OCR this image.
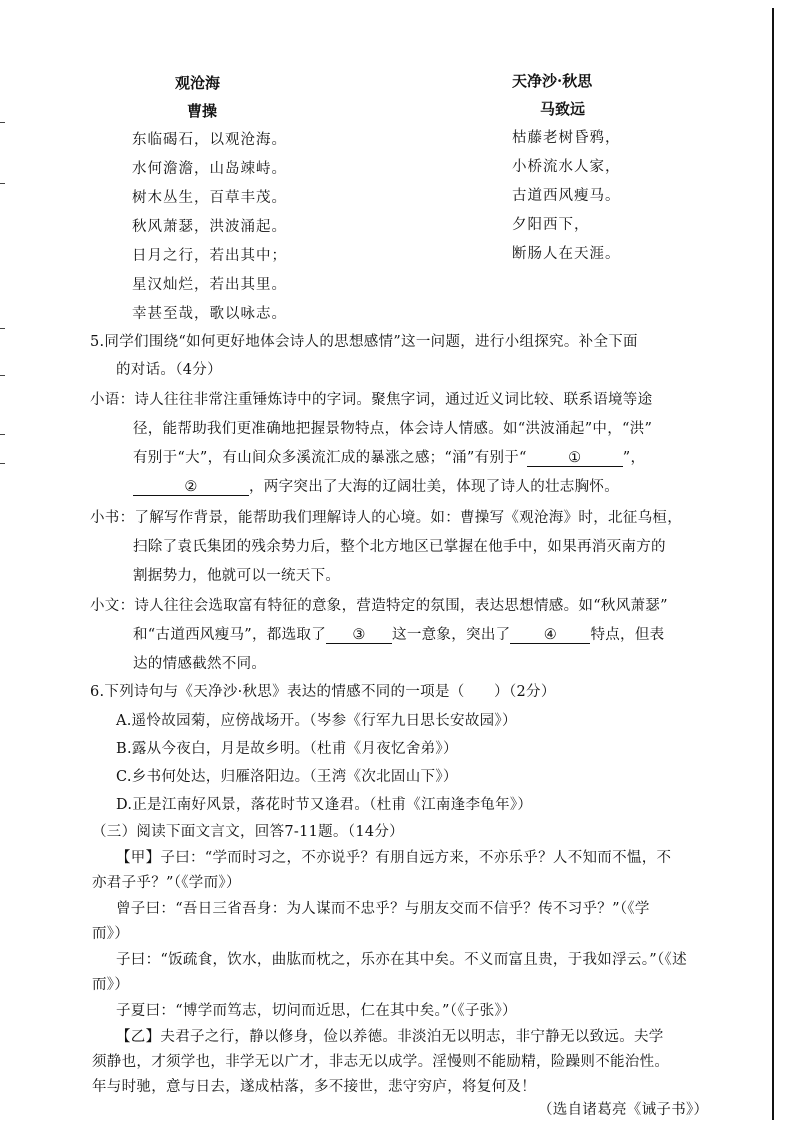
观沧海
曹操
东临碣石，以观沧海。
水何澹澹，山岛竦峙。
树木丛生，百草丰茂。
秋风萧瑟，洪波涌起。
日月之行，若出其中；
星汉灿烂，若出其里。
幸甚至哉，歌以咏志。
天净沙·秋思
马致远
枯藤老树昏鸦，
小桥流水人家，
古道西风瘦马。
夕阳西下，
断肠人在天涯。
5.同学们围绕“如何更好地体会诗人的思想感情”这一问题，进行小组探究。补全下面
的对话。（4分）
小语：诗人往往非常注重锤炼诗中的字词。聚焦字词，通过近义词比较、联系语境等途
径，能帮助我们更准确地把握景物特点，体会诗人情感。如“洪波涌起”中，“洪”
有别于“大”，有山间众多溪流汇成的暴涨之感；“涌”有别于“	①	”，
②	，两字突出了大海的辽阔壮美，体现了诗人的壮志胸怀。
小书：了解写作背景，能帮助我们理解诗人的心境。如：曹操写《观沧海》时，北征乌桓，
扫除了袁氏集团的残余势力后，整个北方地区已掌握在他手中，如果再消灭南方的
割据势力，他就可以一统天下。
小文：诗人往往会选取富有特征的意象，营造特定的氛围，表达思想情感。如“秋风萧瑟”
和“古道西风瘦马”，都选取了 ③ 这一意象，突出了 ④ 特点，但表
达的情感截然不同。
6.下列诗句与《天净沙·秋思》表达的情感不同的一项是（　　）（2分）
A.遥怜故园菊，应傍战场开。（岑参《行军九日思长安故园》）
B.露从今夜白，月是故乡明。（杜甫《月夜忆舍弟》）
C.乡书何处达，归雁洛阳边。（王湾《次北固山下》）
D.正是江南好风景，落花时节又逢君。（杜甫《江南逢李龟年》）
（三）阅读下面文言文，回答7-11题。（14分）
【甲】子曰：“学而时习之，不亦说乎？有朋自远方来，不亦乐乎？人不知而不愠，不
亦君子乎？”（《学而》）
曾子曰：“吾日三省吾身：为人谋而不忠乎？与朋友交而不信乎？传不习乎？”（《学
而》）
子曰：“饭疏食，饮水，曲肱而枕之，乐亦在其中矣。不义而富且贵，于我如浮云。”（《述
而》）
子夏曰：“博学而笃志，切问而近思，仁在其中矣。”（《子张》）
【乙】夫君子之行，静以修身，俭以养德。非淡泊无以明志，非宁静无以致远。夫学
须静也，才须学也，非学无以广才，非志无以成学。淫慢则不能励精，险躁则不能治性。
年与时驰，意与日去，遂成枯落，多不接世，悲守穷庐，将复何及！
（选自诸葛亮《诫子书》）
